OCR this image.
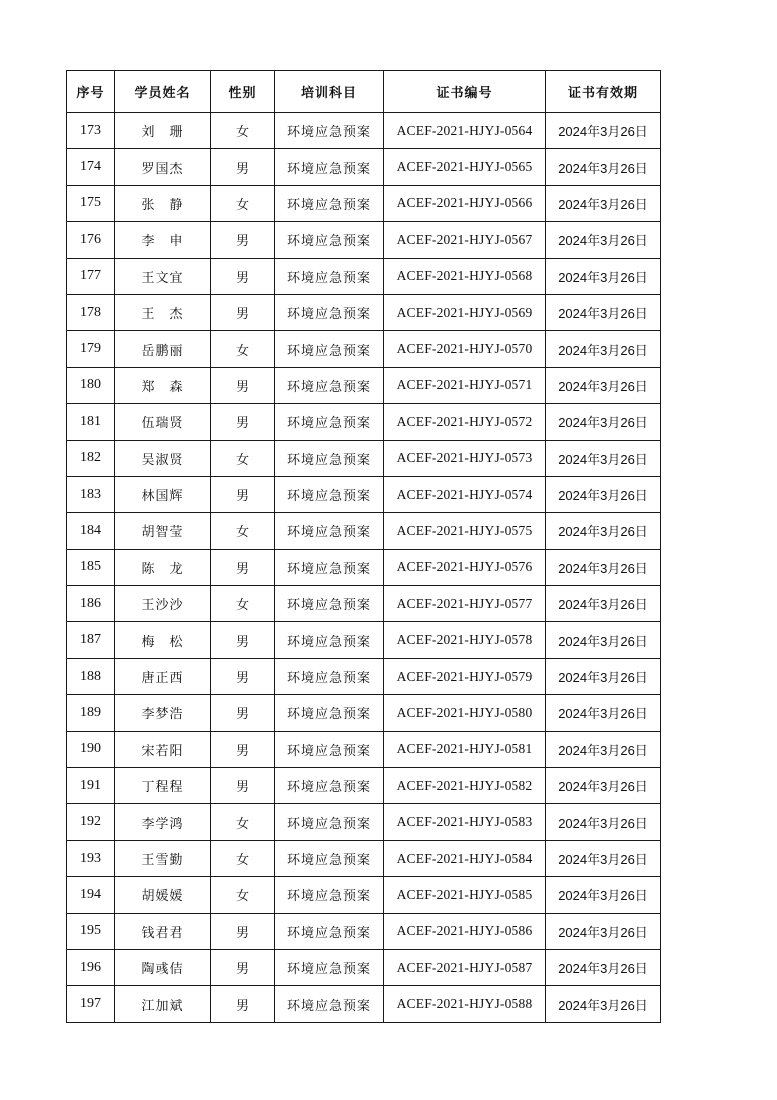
序号	学员姓名	性别	培训科目	证书编号	证书有效期
173	刘　珊	女	环境应急预案	ACEF-2021-HJYJ-0564	2024年3月26日
174	罗国杰	男	环境应急预案	ACEF-2021-HJYJ-0565	2024年3月26日
175	张　静	女	环境应急预案	ACEF-2021-HJYJ-0566	2024年3月26日
176	李　申	男	环境应急预案	ACEF-2021-HJYJ-0567	2024年3月26日
177	王文宜	男	环境应急预案	ACEF-2021-HJYJ-0568	2024年3月26日
178	王　杰	男	环境应急预案	ACEF-2021-HJYJ-0569	2024年3月26日
179	岳鹏丽	女	环境应急预案	ACEF-2021-HJYJ-0570	2024年3月26日
180	郑　森	男	环境应急预案	ACEF-2021-HJYJ-0571	2024年3月26日
181	伍瑞贤	男	环境应急预案	ACEF-2021-HJYJ-0572	2024年3月26日
182	吴淑贤	女	环境应急预案	ACEF-2021-HJYJ-0573	2024年3月26日
183	林国辉	男	环境应急预案	ACEF-2021-HJYJ-0574	2024年3月26日
184	胡智莹	女	环境应急预案	ACEF-2021-HJYJ-0575	2024年3月26日
185	陈　龙	男	环境应急预案	ACEF-2021-HJYJ-0576	2024年3月26日
186	王沙沙	女	环境应急预案	ACEF-2021-HJYJ-0577	2024年3月26日
187	梅　松	男	环境应急预案	ACEF-2021-HJYJ-0578	2024年3月26日
188	唐正西	男	环境应急预案	ACEF-2021-HJYJ-0579	2024年3月26日
189	李梦浩	男	环境应急预案	ACEF-2021-HJYJ-0580	2024年3月26日
190	宋若阳	男	环境应急预案	ACEF-2021-HJYJ-0581	2024年3月26日
191	丁程程	男	环境应急预案	ACEF-2021-HJYJ-0582	2024年3月26日
192	李学鸿	女	环境应急预案	ACEF-2021-HJYJ-0583	2024年3月26日
193	王雪勤	女	环境应急预案	ACEF-2021-HJYJ-0584	2024年3月26日
194	胡媛媛	女	环境应急预案	ACEF-2021-HJYJ-0585	2024年3月26日
195	钱君君	男	环境应急预案	ACEF-2021-HJYJ-0586	2024年3月26日
196	陶彧佶	男	环境应急预案	ACEF-2021-HJYJ-0587	2024年3月26日
197	江加斌	男	环境应急预案	ACEF-2021-HJYJ-0588	2024年3月26日
